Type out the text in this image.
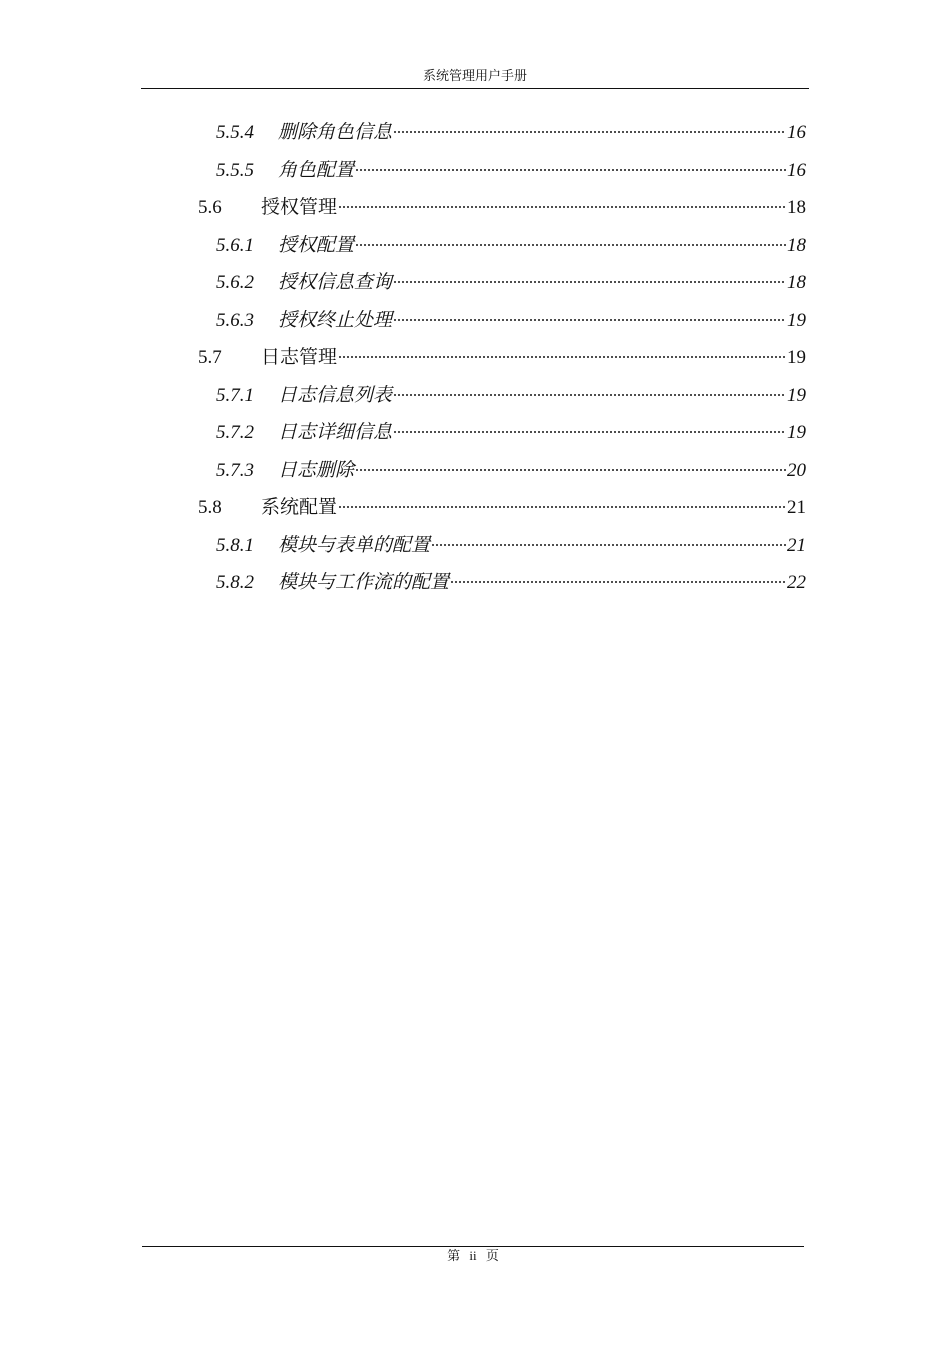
系统管理用户手册
5.5.4	删除角色信息	16
5.5.5	角色配置	16
5.6	授权管理	18
5.6.1	授权配置	18
5.6.2	授权信息查询	18
5.6.3	授权终止处理	19
5.7	日志管理	19
5.7.1	日志信息列表	19
5.7.2	日志详细信息	19
5.7.3	日志删除	20
5.8	系统配置	21
5.8.1	模块与表单的配置	21
5.8.2	模块与工作流的配置	22
第 ii 页
